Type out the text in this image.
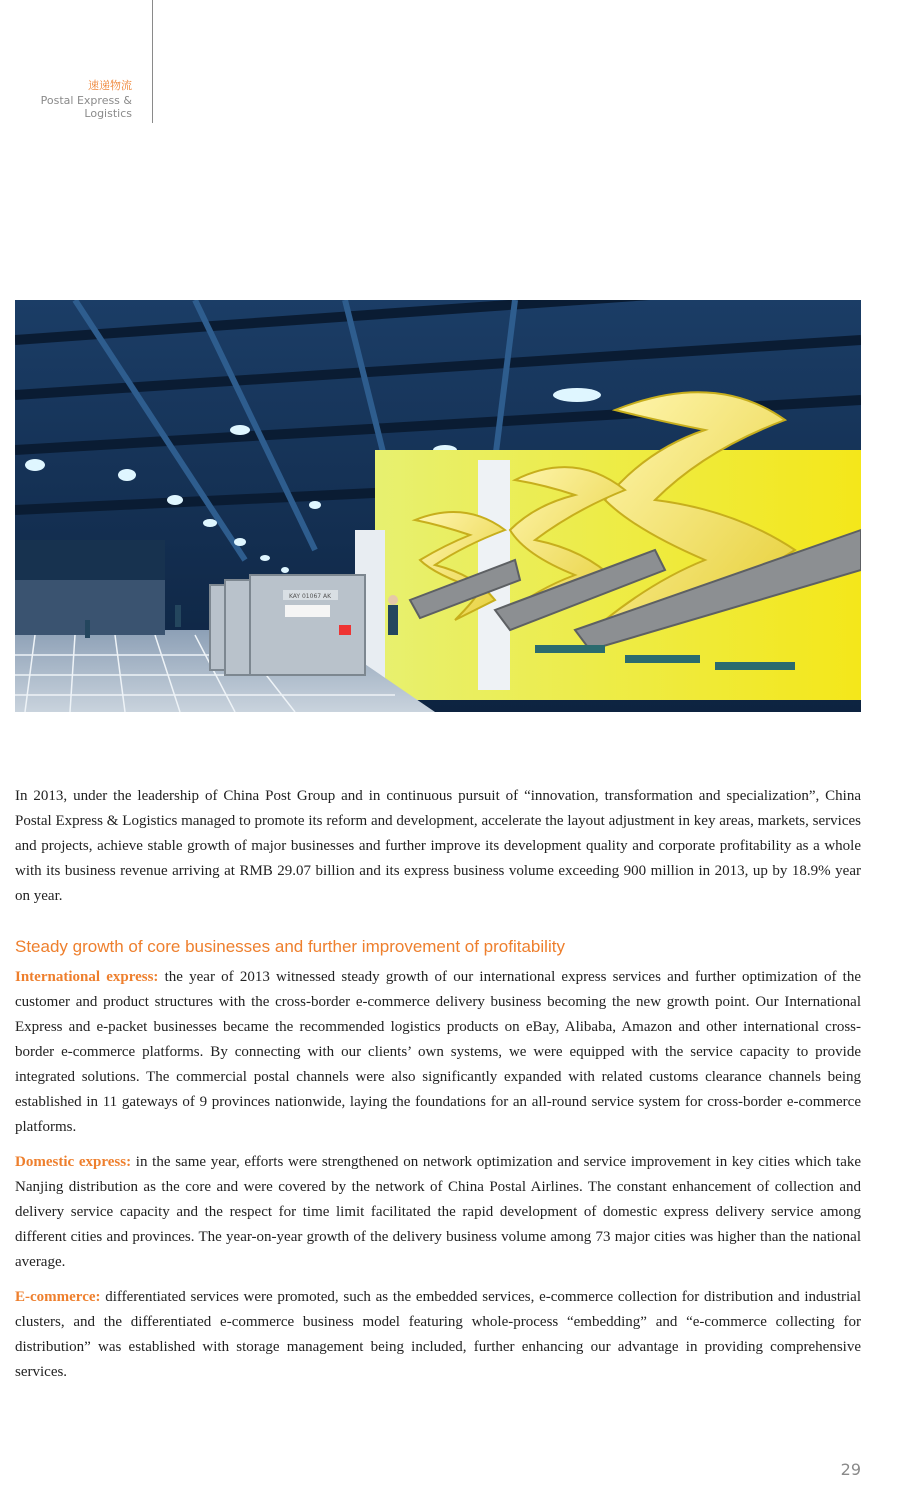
速递物流
Postal Express &
Logistics
KAY 01067 AK

In 2013, under the leadership of China Post Group and in continuous pursuit of “innovation, transformation and specialization”, China Postal Express & Logistics managed to promote its reform and development, accelerate the layout adjustment in key areas, markets, services and projects, achieve stable growth of major businesses and further improve its development quality and corporate profitability as a whole with its business revenue arriving at RMB 29.07 billion and its express business volume exceeding 900 million in 2013, up by 18.9% year on year.

Steady growth of core businesses and further improvement of profitability

International express: the year of 2013 witnessed steady growth of our international express services and further optimization of the customer and product structures with the cross-border e-commerce delivery business becoming the new growth point. Our International Express and e-packet businesses became the recommended logistics products on eBay, Alibaba, Amazon and other international cross-border e-commerce platforms. By connecting with our clients’ own systems, we were equipped with the service capacity to provide integrated solutions. The commercial postal channels were also significantly expanded with related customs clearance channels being established in 11 gateways of 9 provinces nationwide, laying the foundations for an all-round service system for cross-border e-commerce platforms.

Domestic express: in the same year, efforts were strengthened on network optimization and service improvement in key cities which take Nanjing distribution as the core and were covered by the network of China Postal Airlines. The constant enhancement of collection and delivery service capacity and the respect for time limit facilitated the rapid development of domestic express delivery service among different cities and provinces. The year-on-year growth of the delivery business volume among 73 major cities was higher than the national average.

E-commerce: differentiated services were promoted, such as the embedded services, e-commerce collection for distribution and industrial clusters, and the differentiated e-commerce business model featuring whole-process “embedding” and “e-commerce collecting for distribution” was established with storage management being included, further enhancing our advantage in providing comprehensive services.

29
